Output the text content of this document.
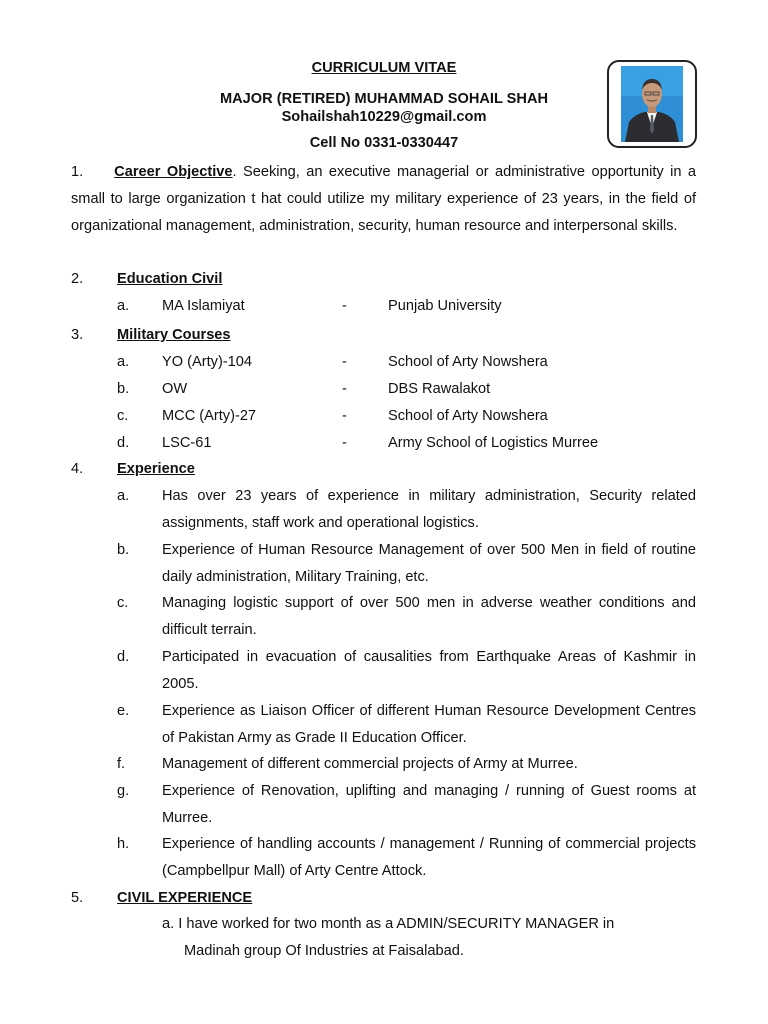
CURRICULUM VITAE
MAJOR (RETIRED) MUHAMMAD SOHAIL SHAH
Sohailshah10229@gmail.com
Cell No 0331-0330447
1. Career Objective. Seeking, an executive managerial or administrative opportunity in a small to large organization t hat could utilize my military experience of 23 years, in the field of organizational management, administration, security, human resource and interpersonal skills.
2. Education Civil
a. MA Islamiyat	-	Punjab University
3. Military Courses
a. YO (Arty)-104	-	School of Arty Nowshera
b. OW	-	DBS Rawalakot
c. MCC (Arty)-27	-	School of Arty Nowshera
d. LSC-61	-	Army School of Logistics Murree
4. Experience
a. Has over 23 years of experience in military administration, Security related assignments, staff work and operational logistics.
b. Experience of Human Resource Management of over 500 Men in field of routine daily administration, Military Training, etc.
c. Managing logistic support of over 500 men in adverse weather conditions and difficult terrain.
d. Participated in evacuation of causalities from Earthquake Areas of Kashmir in 2005.
e. Experience as Liaison Officer of different Human Resource Development Centres of Pakistan Army as Grade II Education Officer.
f.	Management of different commercial projects of Army at Murree.
g. Experience of Renovation, uplifting and managing / running of Guest rooms at Murree.
h. Experience of handling accounts / management / Running of commercial projects (Campbellpur Mall) of Arty Centre Attock.
5. CIVIL EXPERIENCE
a. I have worked for two month as a ADMIN/SECURITY MANAGER in
Madinah group Of Industries at Faisalabad.
